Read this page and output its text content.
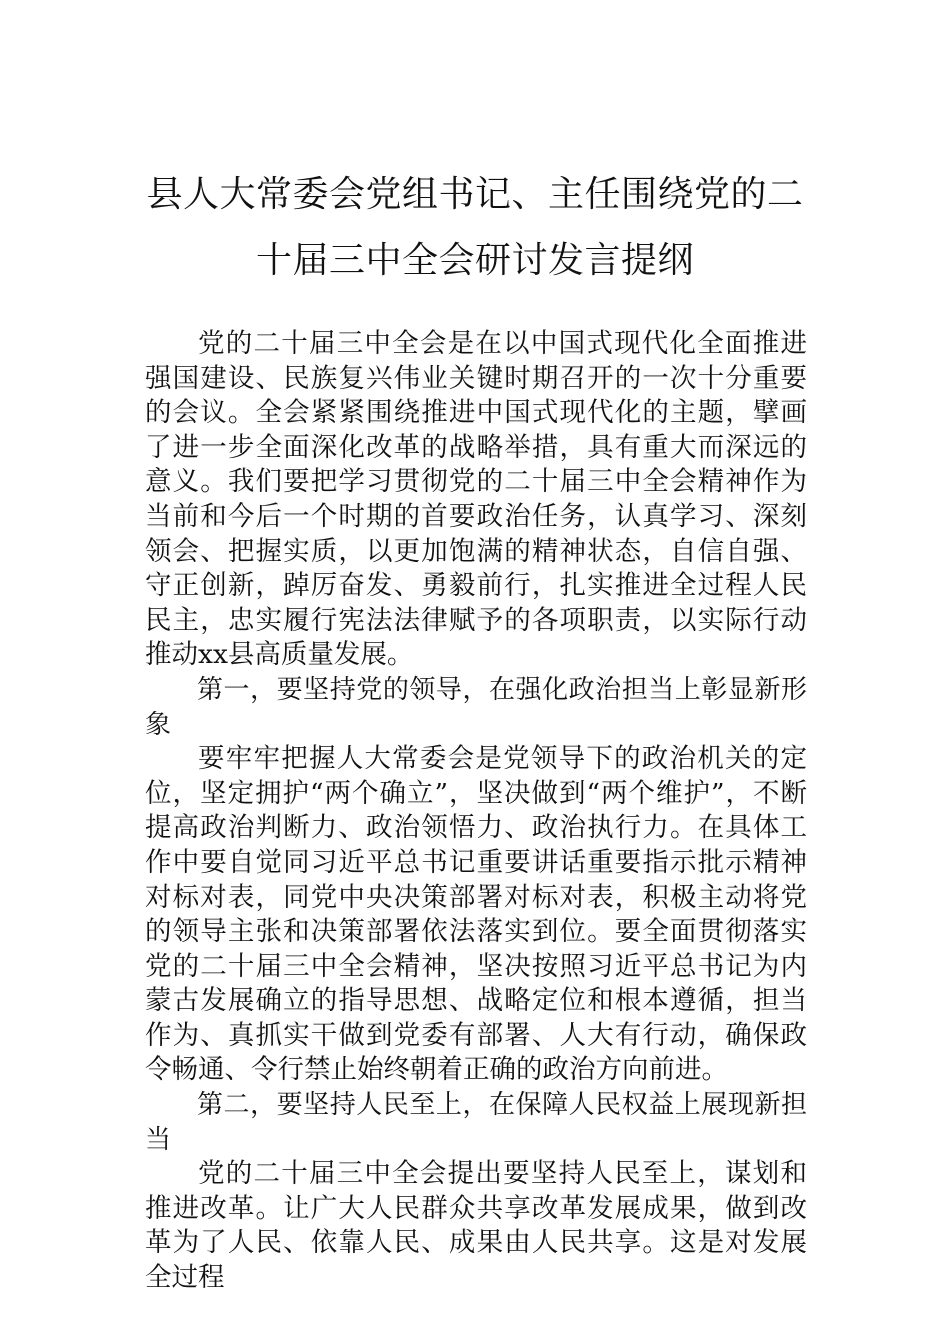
县人大常委会党组书记、主任围绕党的二
十届三中全会研讨发言提纲

党的二十届三中全会是在以中国式现代化全面推进强国建设、民族复兴伟业关键时期召开的一次十分重要的会议。全会紧紧围绕推进中国式现代化的主题，擘画了进一步全面深化改革的战略举措，具有重大而深远的意义。我们要把学习贯彻党的二十届三中全会精神作为当前和今后一个时期的首要政治任务，认真学习、深刻领会、把握实质，以更加饱满的精神状态，自信自强、守正创新，踔厉奋发、勇毅前行，扎实推进全过程人民民主，忠实履行宪法法律赋予的各项职责，以实际行动推动xx县高质量发展。

第一，要坚持党的领导，在强化政治担当上彰显新形象

要牢牢把握人大常委会是党领导下的政治机关的定位，坚定拥护“两个确立”，坚决做到“两个维护”，不断提高政治判断力、政治领悟力、政治执行力。在具体工作中要自觉同习近平总书记重要讲话重要指示批示精神对标对表，同党中央决策部署对标对表，积极主动将党的领导主张和决策部署依法落实到位。要全面贯彻落实党的二十届三中全会精神，坚决按照习近平总书记为内蒙古发展确立的指导思想、战略定位和根本遵循，担当作为、真抓实干做到党委有部署、人大有行动，确保政令畅通、令行禁止始终朝着正确的政治方向前进。

第二，要坚持人民至上，在保障人民权益上展现新担当

党的二十届三中全会提出要坚持人民至上，谋划和推进改革。让广大人民群众共享改革发展成果，做到改革为了人民、依靠人民、成果由人民共享。这是对发展全过程
